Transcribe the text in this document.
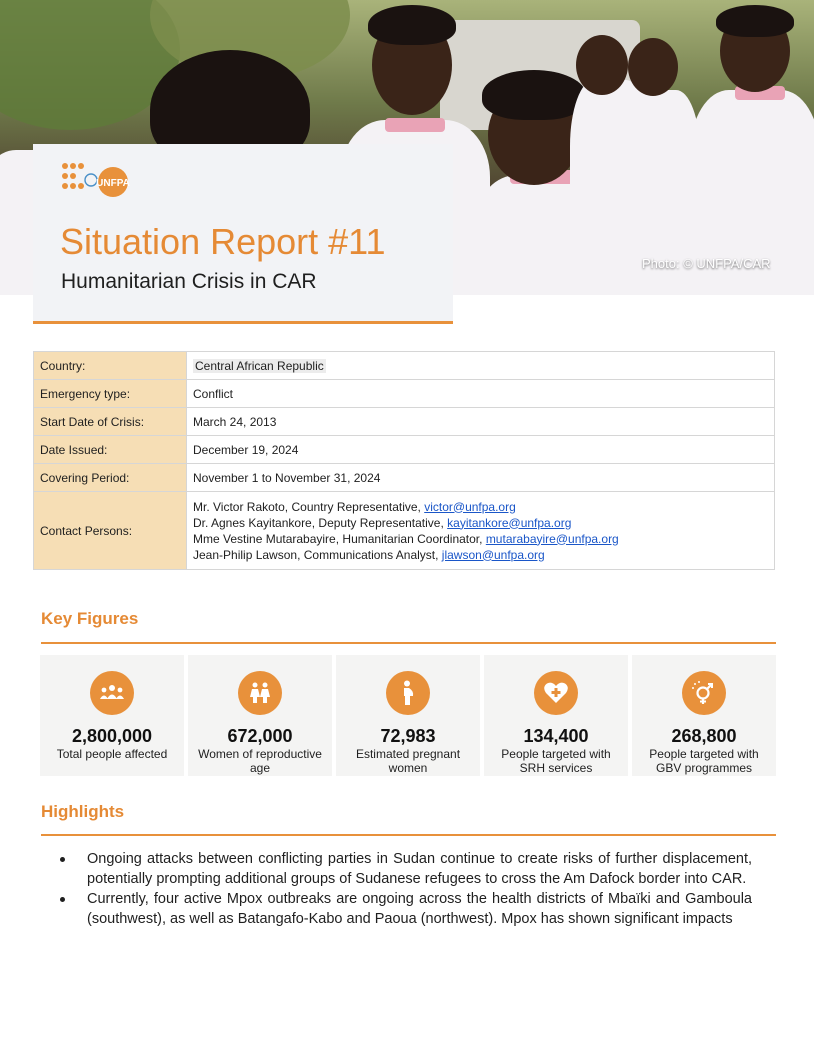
Photo: © UNFPA/CAR
UNFPA
Situation Report #11
Humanitarian Crisis in CAR
Country:	Central African Republic
Emergency type:	Conflict
Start Date of Crisis:	March 24, 2013
Date Issued:	December 19, 2024
Covering Period:	November 1 to November 31, 2024
Contact Persons:	Mr. Victor Rakoto, Country Representative, victor@unfpa.org
Dr. Agnes Kayitankore, Deputy Representative, kayitankore@unfpa.org
Mme Vestine Mutarabayire, Humanitarian Coordinator, mutarabayire@unfpa.org
Jean-Philip Lawson, Communications Analyst, jlawson@unfpa.org
Key Figures
2,800,000
Total people affected
672,000
Women of reproductive age
72,983
Estimated pregnant women
134,400
People targeted with SRH services
268,800
People targeted with GBV programmes
Highlights
Ongoing attacks between conflicting parties in Sudan continue to create risks of further displacement, potentially prompting additional groups of Sudanese refugees to cross the Am Dafock border into CAR.
Currently, four active Mpox outbreaks are ongoing across the health districts of Mbaïki and Gamboula (southwest), as well as Batangafo-Kabo and Paoua (northwest). Mpox has shown significant impacts
